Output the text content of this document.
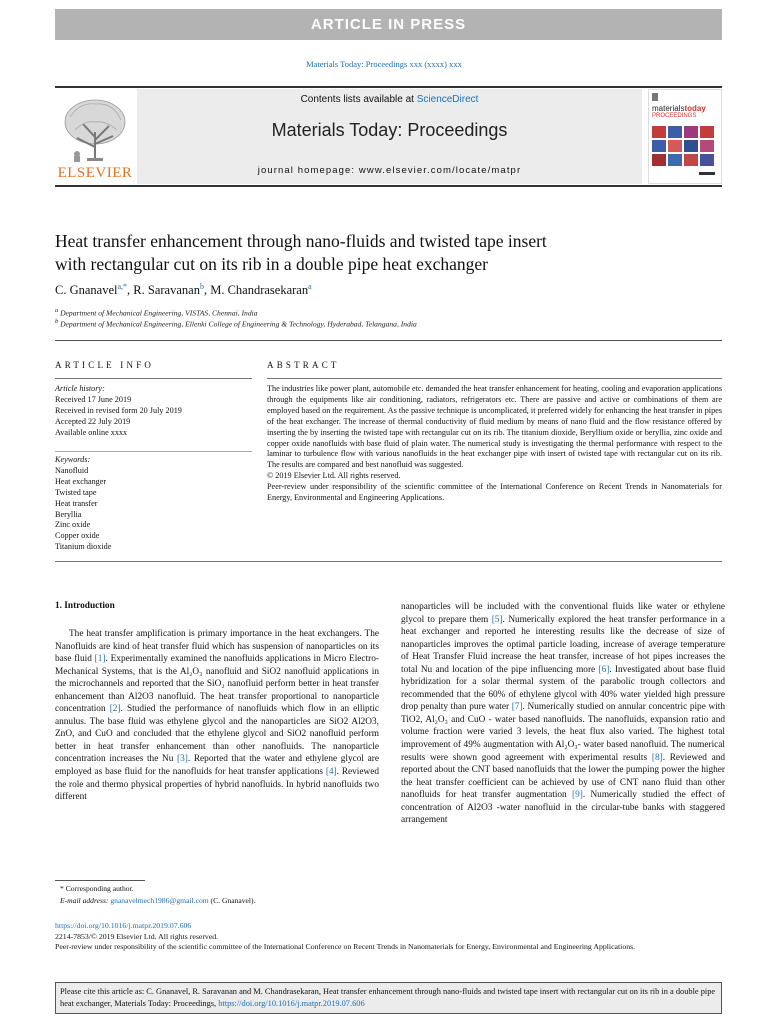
ARTICLE IN PRESS
Materials Today: Proceedings xxx (xxxx) xxx
Contents lists available at ScienceDirect
Materials Today: Proceedings
journal homepage: www.elsevier.com/locate/matpr
ELSEVIER
materialstoday
PROCEEDINGS
Heat transfer enhancement through nano-fluids and twisted tape insert
with rectangular cut on its rib in a double pipe heat exchanger
C. Gnanavel$^{a,*}$, R. Saravanan$^b$, M. Chandrasekaran$^a$
$^a$ Department of Mechanical Engineering, VISTAS, Chennai, India
$^b$ Department of Mechanical Engineering, Ellenki College of Engineering & Technology, Hyderabad, Telangana, India
ARTICLE INFO	ABSTRACT
Article history:
Received 17 June 2019
Received in revised form 20 July 2019
Accepted 22 July 2019
Available online xxxx
Keywords:
Nanofluid
Heat exchanger
Twisted tape
Heat transfer
Beryllia
Zinc oxide
Copper oxide
Titanium dioxide

The industries like power plant, automobile etc. demanded the heat transfer enhancement for heating, cooling and evaporation applications through the equipments like air conditioning, radiators, refrigerators etc. There are passive and active or combinations of them are employed based on the requirement. As the passive technique is uncomplicated, it preferred widely for enhancing the heat transfer in pipes of the heat exchanger. The increase of thermal conductivity of fluid medium by means of nano fluid and the flow resistance offered by inserting the by inserting the twisted tape with rectangular cut on its rib. The titanium dioxide, Beryllium oxide or beryllia, zinc oxide and copper oxide nanofluids with base fluid of plain water. The numerical study is investigating the thermal performance with respect to the laminar to turbulence flow with various nanofluids in the heat exchanger pipe with insert of twisted tape with rectangular cut on its rib. The results are compared and best nanofluid was suggested.

© 2019 Elsevier Ltd. All rights reserved.

Peer-review under responsibility of the scientific committee of the International Conference on Recent Trends in Nanomaterials for Energy, Environmental and Engineering Applications.

1. Introduction

The heat transfer amplification is primary importance in the heat exchangers. The Nanofluids are kind of heat transfer fluid which has suspension of nanoparticles on its base fluid [1]. Experimentally examined the nanofluids applications in Micro Electro-Mechanical Systems, that is the Al₂O₃ nanofluid and SiO2 nanofluid applications in the microchannels and reported that the SiO₂ nanofluid perform better in heat transfer enhancement than Al2O3 nanofluid. The heat transfer proportional to nanoparticle concentration [2]. Studied the performance of nanofluids which flow in an elliptic annulus. The base fluid was ethylene glycol and the nanoparticles are SiO2 Al2O3, ZnO, and CuO and concluded that the ethylene glycol and SiO2 nanofluid perform better in heat transfer enhancement than other nanofluids. The nanoparticle concentration increases the Nu [3]. Reported that the water and ethylene glycol are employed as base fluid for the nanofluids for heat transfer applications [4]. Reviewed the role and thermo physical properties of hybrid nanofluids. In hybrid nanofluids two different

nanoparticles will be included with the conventional fluids like water or ethylene glycol to prepare them [5]. Numerically explored the heat transfer performance in a heat exchanger and reported he interesting results like the decrease of size of nanoparticles improves the optimal particle loading, increase of average temperature of Heat Transfer Fluid increase the heat transfer, increase of hot pipes increases the total Nu and location of the pipe influencing more [6]. Investigated about base fluid hybridization for a solar thermal system of the parabolic trough collectors and recommended that the 60% of ethylene glycol with 40% water yielded high pressure drop penalty than pure water [7]. Numerically studied on annular concentric pipe with TiO2, Al₂O₃ and CuO - water based nanofluids. The nanofluids, expansion ratio and volume fraction were varied 3 levels, the heat flux also varied. The highest total improvement of 49% augmentation with Al₂O₃- water based nanofluid. The numerical results were shown good agreement with experimental results [8]. Reviewed and reported about the CNT based nanofluids that the lower the pumping power the higher the heat transfer coefficient can be achieved by use of CNT nano fluid than other nanofluids for heat transfer augmentation [9]. Numerically studied the effect of concentration of Al2O3 -water nanofluid in the circular-tube banks with staggered arrangement

* Corresponding author.
E-mail address: gnanavelmech1986@gmail.com (C. Gnanavel).
https://doi.org/10.1016/j.matpr.2019.07.606
2214-7853/© 2019 Elsevier Ltd. All rights reserved.
Peer-review under responsibility of the scientific committee of the International Conference on Recent Trends in Nanomaterials for Energy, Environmental and Engineering Applications.
Please cite this article as: C. Gnanavel, R. Saravanan and M. Chandrasekaran, Heat transfer enhancement through nano-fluids and twisted tape insert with rectangular cut on its rib in a double pipe heat exchanger, Materials Today: Proceedings, https://doi.org/10.1016/j.matpr.2019.07.606
